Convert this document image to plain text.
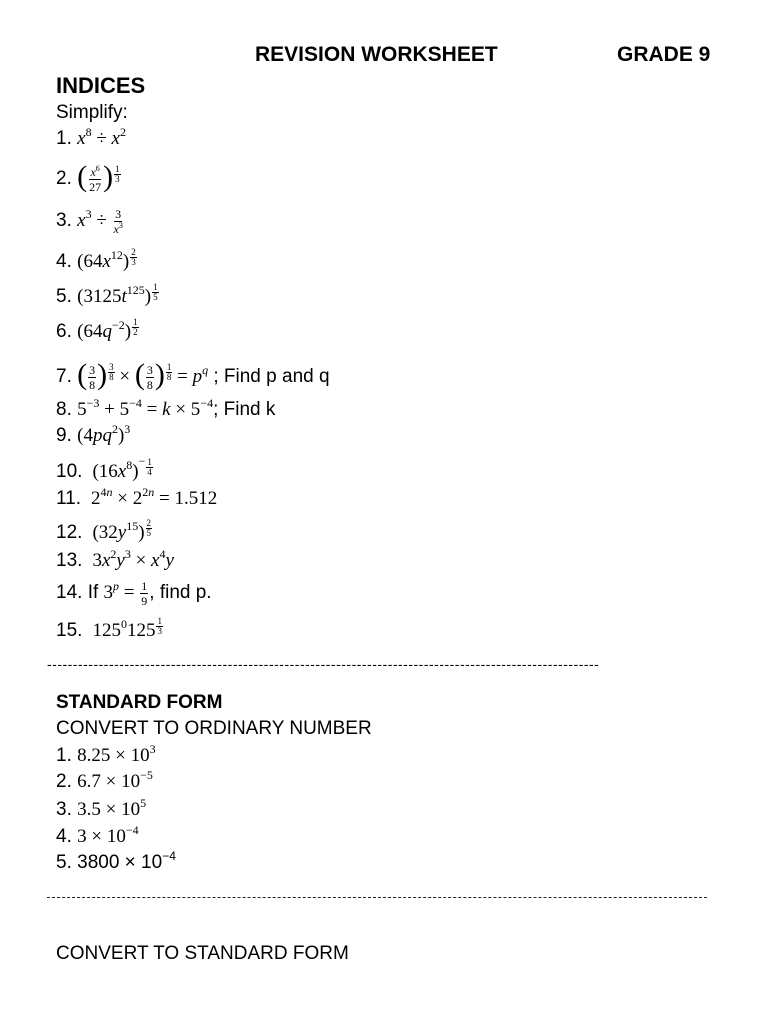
REVISION WORKSHEET	GRADE 9
INDICES
Simplify:
1. $x^8 \div x^2$
2. ( $\frac{x^6}{27}$ ) $\frac{1}{3}$
3. $x^3 \div \frac{3}{x^3}$
4. $(64x^{12}) \frac{2}{3}$
5. $(3125t^{125}) \frac{1}{5}$
6. $(64q^{-2}) \frac{1}{2}$
7. ( $\frac{3}{8}$ ) $\frac{3}{8}$ × ( $\frac{3}{8}$ ) $\frac{1}{8} = p^q$ ; Find p and q
8. $5^{-3} + 5^{-4} = k \times 5^{-4}$; Find k
9. $(4pq^2)^3$
10.  $(16x^8)^- \frac{1}{4}$
11.  $2^{4n} \times 2^{2n} = 1.512$
12.  $(32y^{15}) \frac{2}{5}$
13.  $3x^2y^3 \times x^4y$
14. If $3^p = \frac{1}{9}$ , find p.
15.  $125^0125 \frac{1}{3}$
-----------------------------------------------------------------------------------------------------------
STANDARD FORM
CONVERT TO ORDINARY NUMBER
1. $8.25 \times 10^3$
2. $6.7 \times 10^{-5}$
3. $3.5 \times 10^5$
4. $3 \times 10^{-4}$
5. $3800 \times 10^{-4}$
CONVERT TO STANDARD FORM
